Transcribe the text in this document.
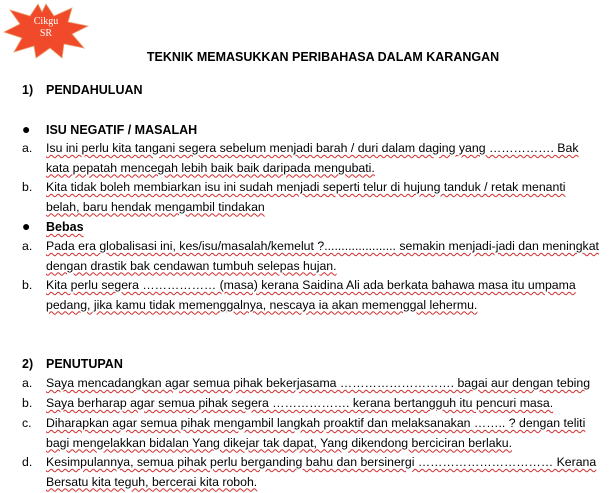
Cikgu
SR
TEKNIK MEMASUKKAN PERIBAHASA DALAM KARANGAN
1) PENDAHULUAN
● ISU NEGATIF / MASALAH
a.	Isu ini perlu kita tangani segera sebelum menjadi barah / duri dalam daging yang ……………. Bak kata pepatah mencegah lebih baik baik daripada mengubati.
b.	Kita tidak boleh membiarkan isu ini sudah menjadi seperti telur di hujung tanduk / retak menanti belah, baru hendak mengambil tindakan
● Bebas
a.	Pada era globalisasi ini, kes/isu/masalah/kemelut ?..................... semakin menjadi-jadi dan meningkat dengan drastik bak cendawan tumbuh selepas hujan.
b.	Kita perlu segera ……………… (masa) kerana Saidina Ali ada berkata bahawa masa itu umpama pedang, jika kamu tidak memenggalnya, nescaya ia akan memenggal lehermu.
2) PENUTUPAN
a.	Saya mencadangkan agar semua pihak bekerjasama ………………………. bagai aur dengan tebing
b.	Saya berharap agar semua pihak segera ………………. kerana bertangguh itu pencuri masa.
c.	Diharapkan agar semua pihak mengambil langkah proaktif dan melaksanakan …….. ? dengan teliti bagi mengelakkan bidalan Yang dikejar tak dapat, Yang dikendong berciciran berlaku.
d.	Kesimpulannya, semua pihak perlu berganding bahu dan bersinergi …………………………… Kerana Bersatu kita teguh, bercerai kita roboh.
